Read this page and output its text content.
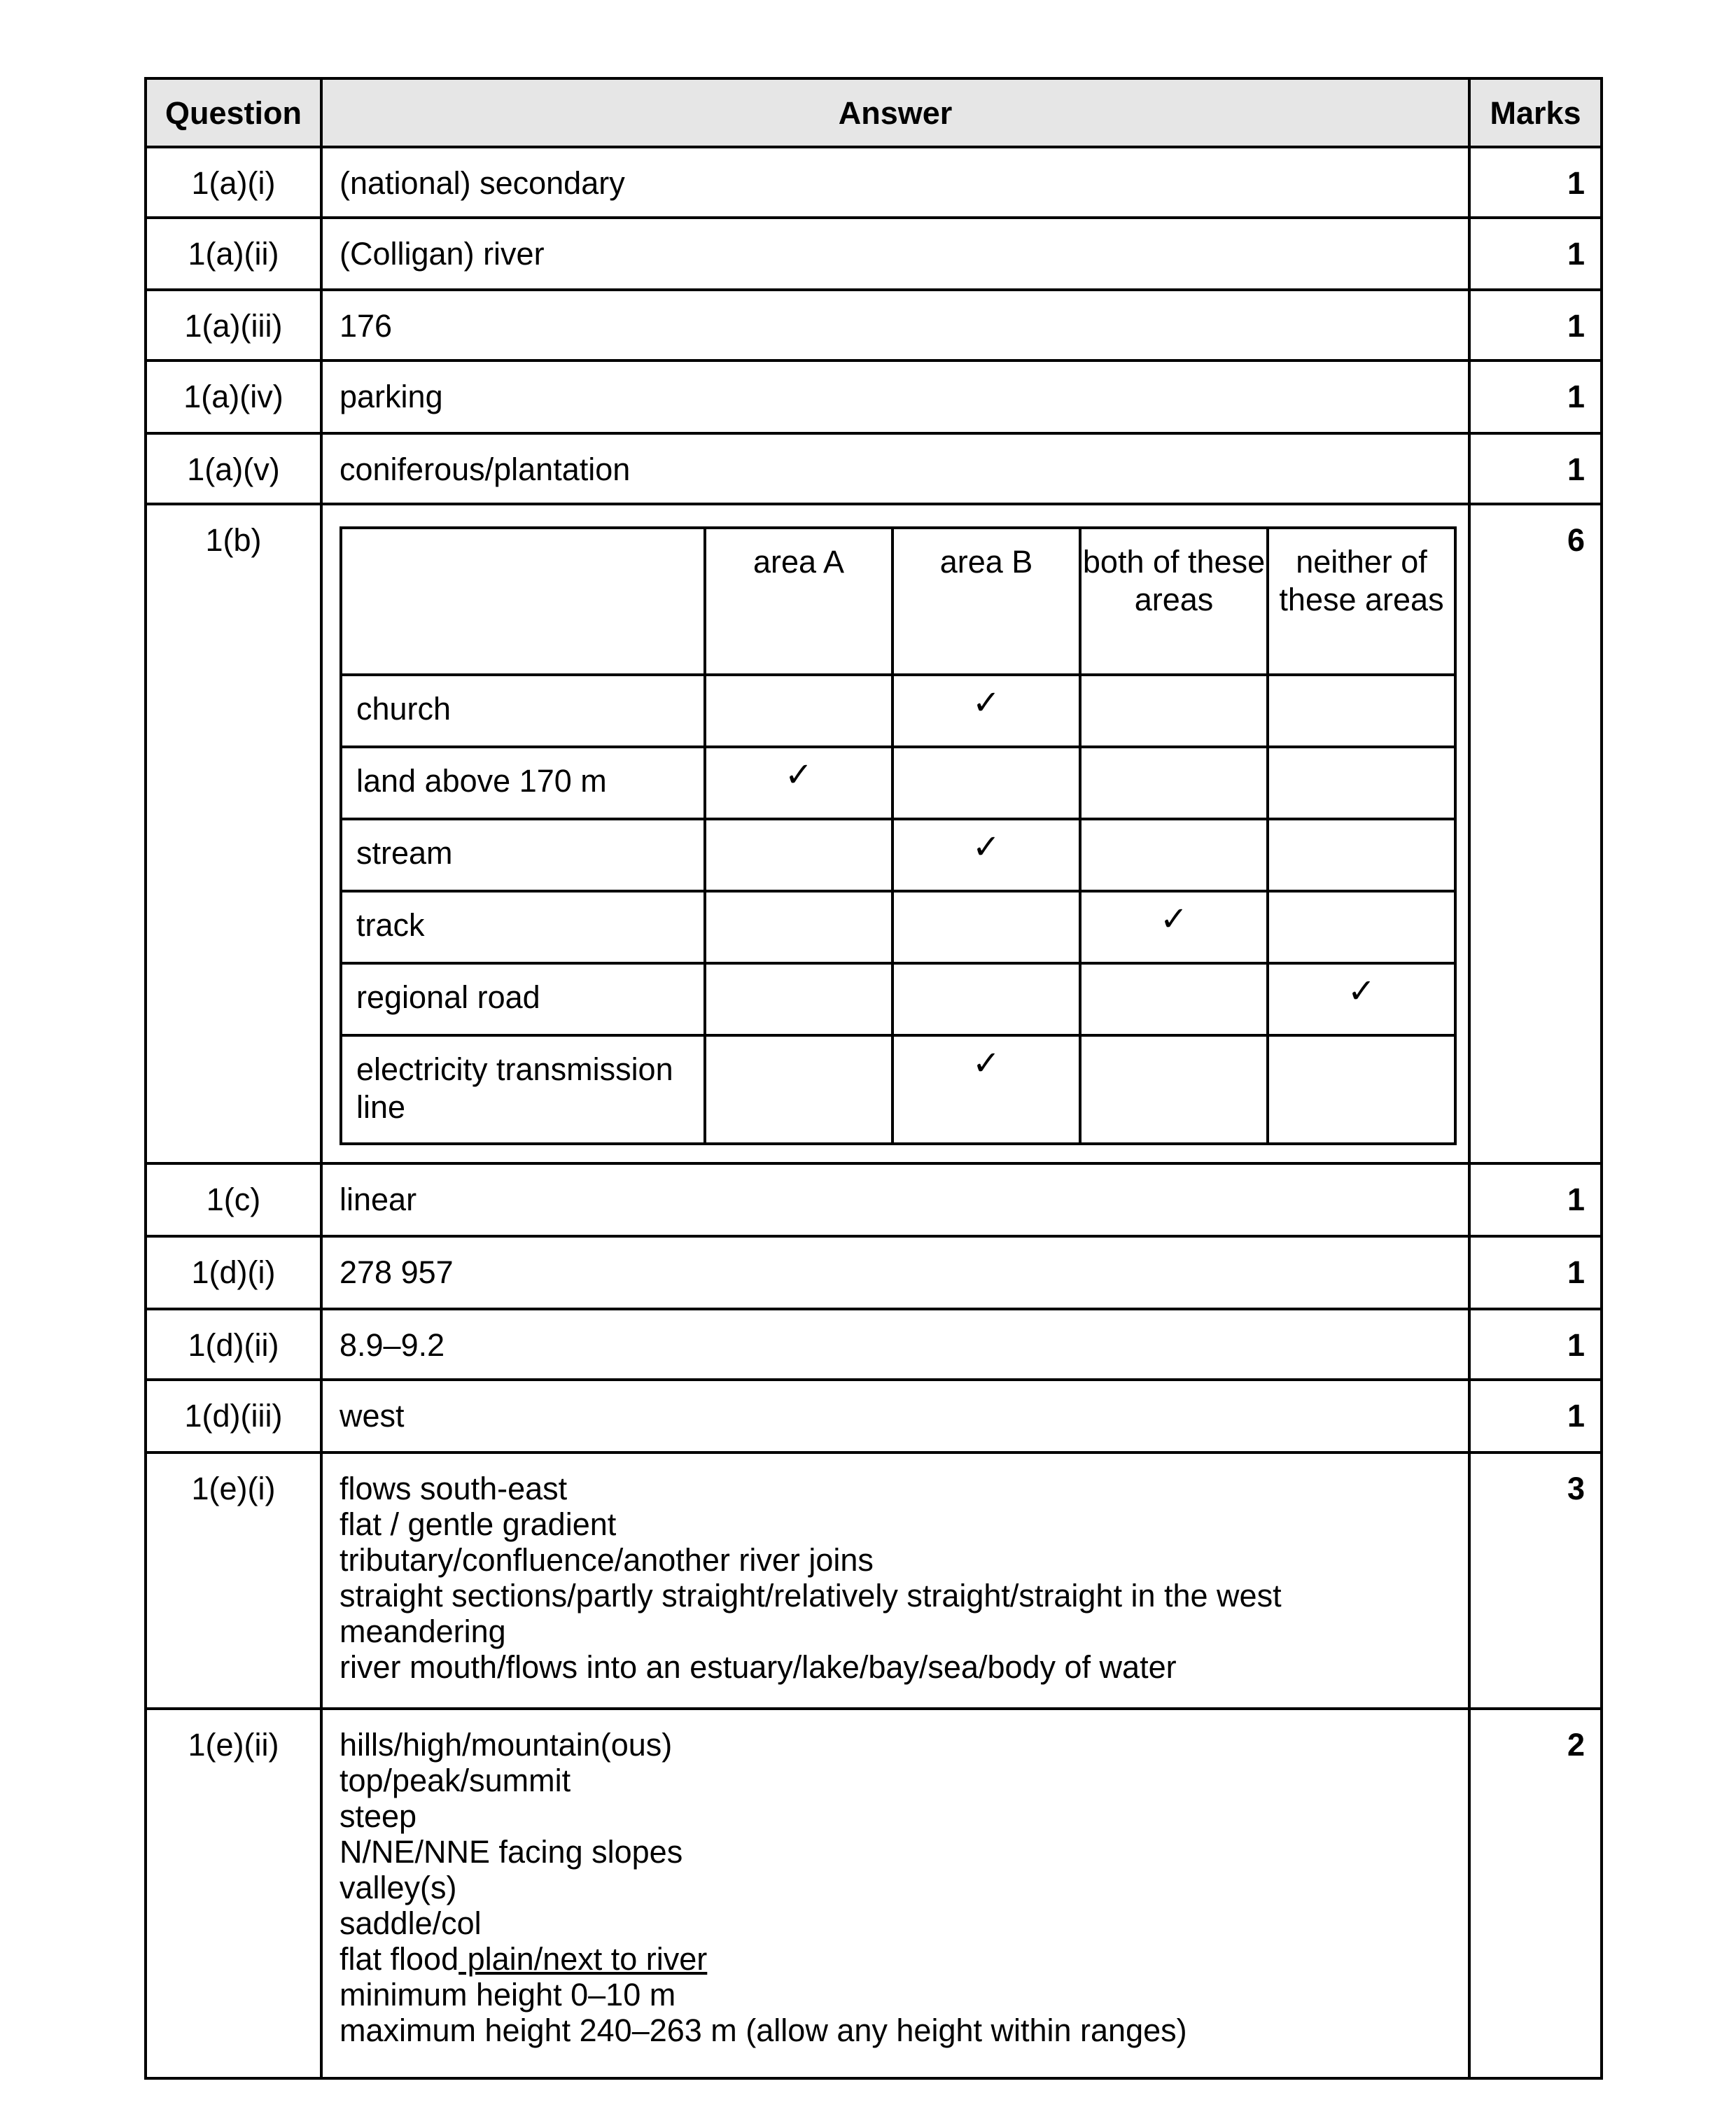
Question	Answer	Marks
1(a)(i)	(national) secondary	1
1(a)(ii)	(Colligan) river	1
1(a)(iii)	176	1
1(a)(iv)	parking	1
1(a)(v)	coniferous/plantation	1
1(b)	
	area A	area B	both of these areas	neither of these areas
church		✓		
land above 170 m	✓			
stream		✓		
track			✓	
regional road				✓
electricity transmission line		✓		
	6
1(c)	linear	1
1(d)(i)	278 957	1
1(d)(ii)	8.9–9.2	1
1(d)(iii)	west	1
1(e)(i)	flows south-east
flat / gentle gradient
tributary/confluence/another river joins
straight sections/partly straight/relatively straight/straight in the west
meandering
river mouth/flows into an estuary/lake/bay/sea/body of water
	3
1(e)(ii)	hills/high/mountain(ous)
top/peak/summit
steep
N/NE/NNE facing slopes
valley(s)
saddle/col
flat flood plain/next to river
minimum height 0–10 m
maximum height 240–263 m (allow any height within ranges)
	2
